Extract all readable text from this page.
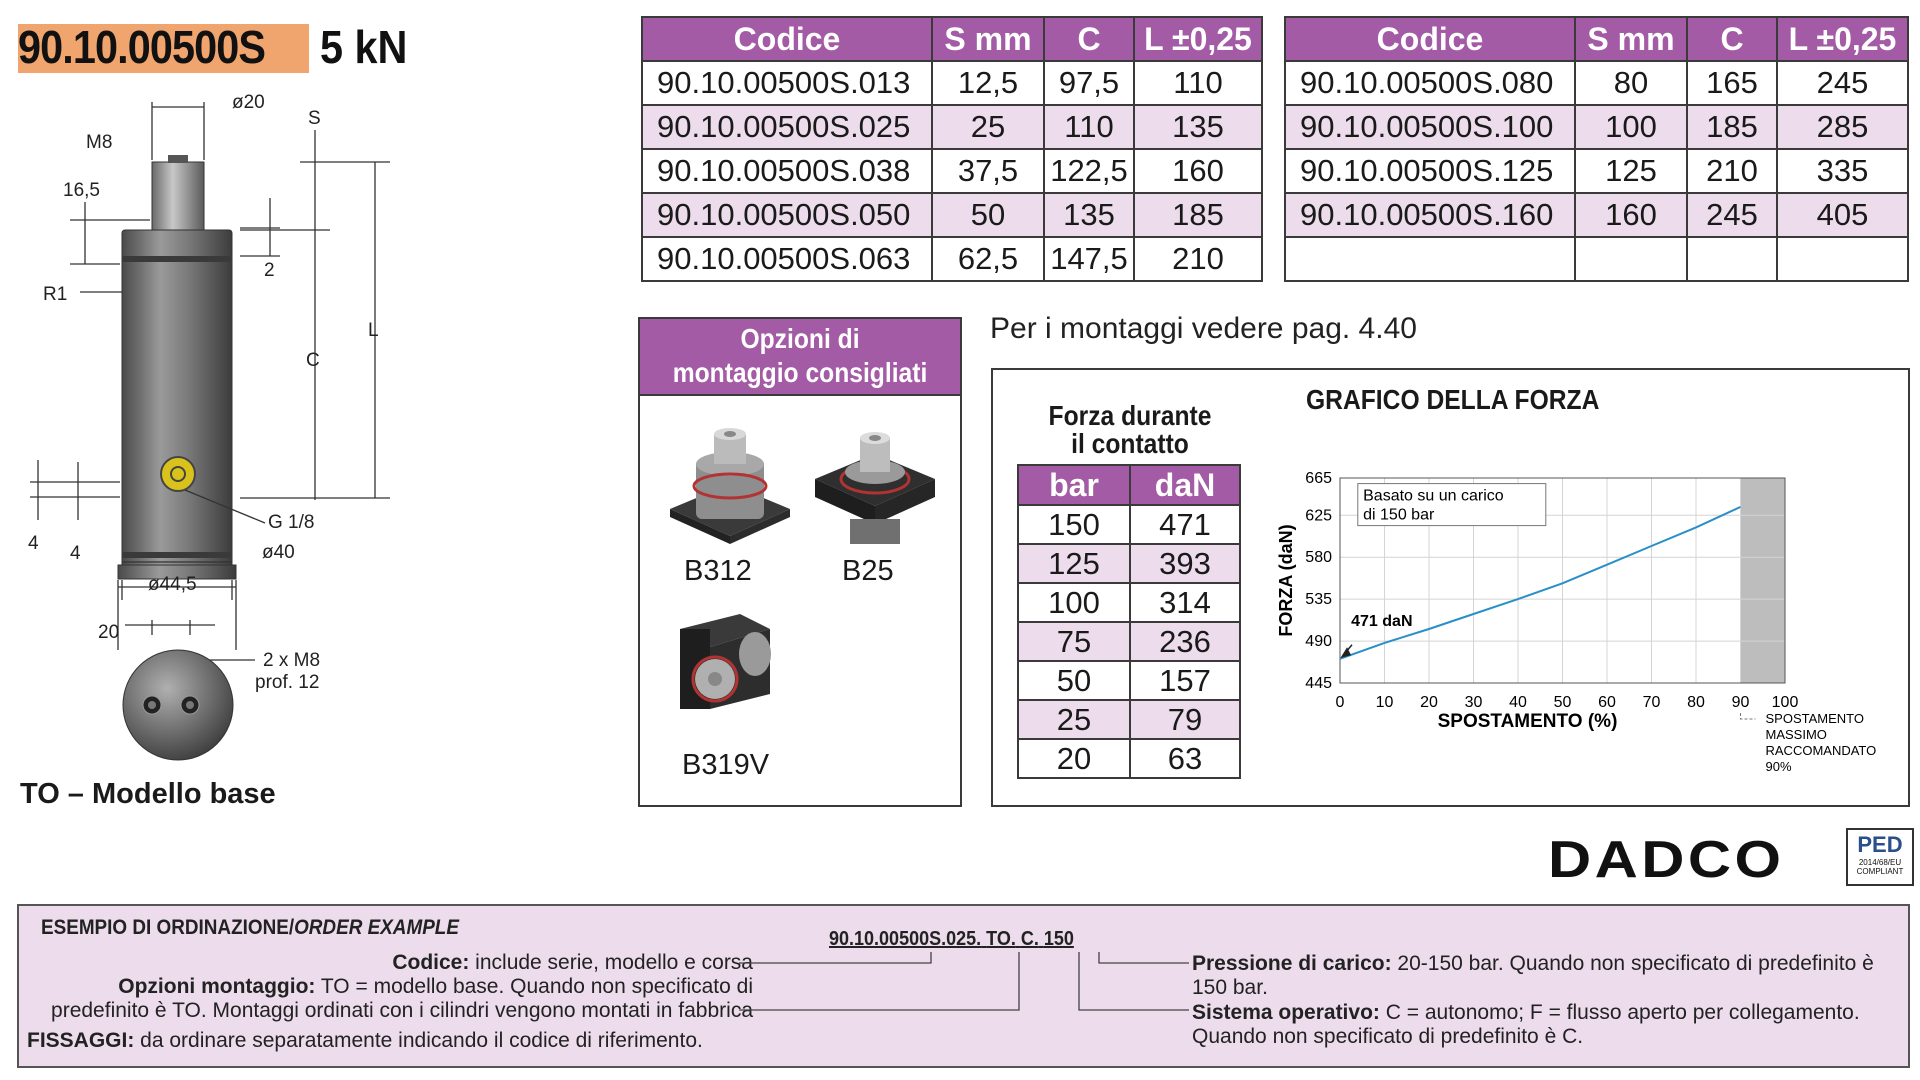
90.10.00500S 5 kN
ø20
S
M8
16,5
2
R1
L
C
G 1/8
4 4	ø40
ø44,5
20
2 x M8
prof. 12
TO – Modello base
Codice	S mm	C	L ±0,25
90.10.00500S.013	12,5	97,5	110
90.10.00500S.025	25	110	135
90.10.00500S.038	37,5	122,5	160
90.10.00500S.050	50	135	185
90.10.00500S.063	62,5	147,5	210
Codice	S mm	C	L ±0,25
90.10.00500S.080	80	165	245
90.10.00500S.100	100	185	285
90.10.00500S.125	125	210	335
90.10.00500S.160	160	245	405

Opzioni di
montaggio consigliati
B312	B25
B319V
Per i montaggi vedere pag. 4.40
GRAFICO DELLA FORZA
Forza durante
il contatto
bar	daN
150	471
125	393
100	314
75	236
50	157
25	79
20	63
0 10 20 30 40 50 60 70 80 90 100
445
490
535
580
625
665
FORZA (daN)
SPOSTAMENTO (%)
Basato su un carico
di 150 bar
471 daN
SPOSTAMENTO
MASSIMO
RACCOMANDATO
90%
DADCO	PED
2014/68/EU
COMPLIANT
ESEMPIO DI ORDINAZIONE/ORDER EXAMPLE	90.10.00500S.025. TO. C. 150
Codice: include serie, modello e corsa
Opzioni montaggio: TO = modello base. Quando non specificato di
predefinito è TO. Montaggi ordinati con i cilindri vengono montati in fabbrica
FISSAGGI: da ordinare separatamente indicando il codice di riferimento.
Pressione di carico: 20-150 bar. Quando non specificato di predefinito è
150 bar.
Sistema operativo: C = autonomo; F = flusso aperto per collegamento.
Quando non specificato di predefinito è C.
